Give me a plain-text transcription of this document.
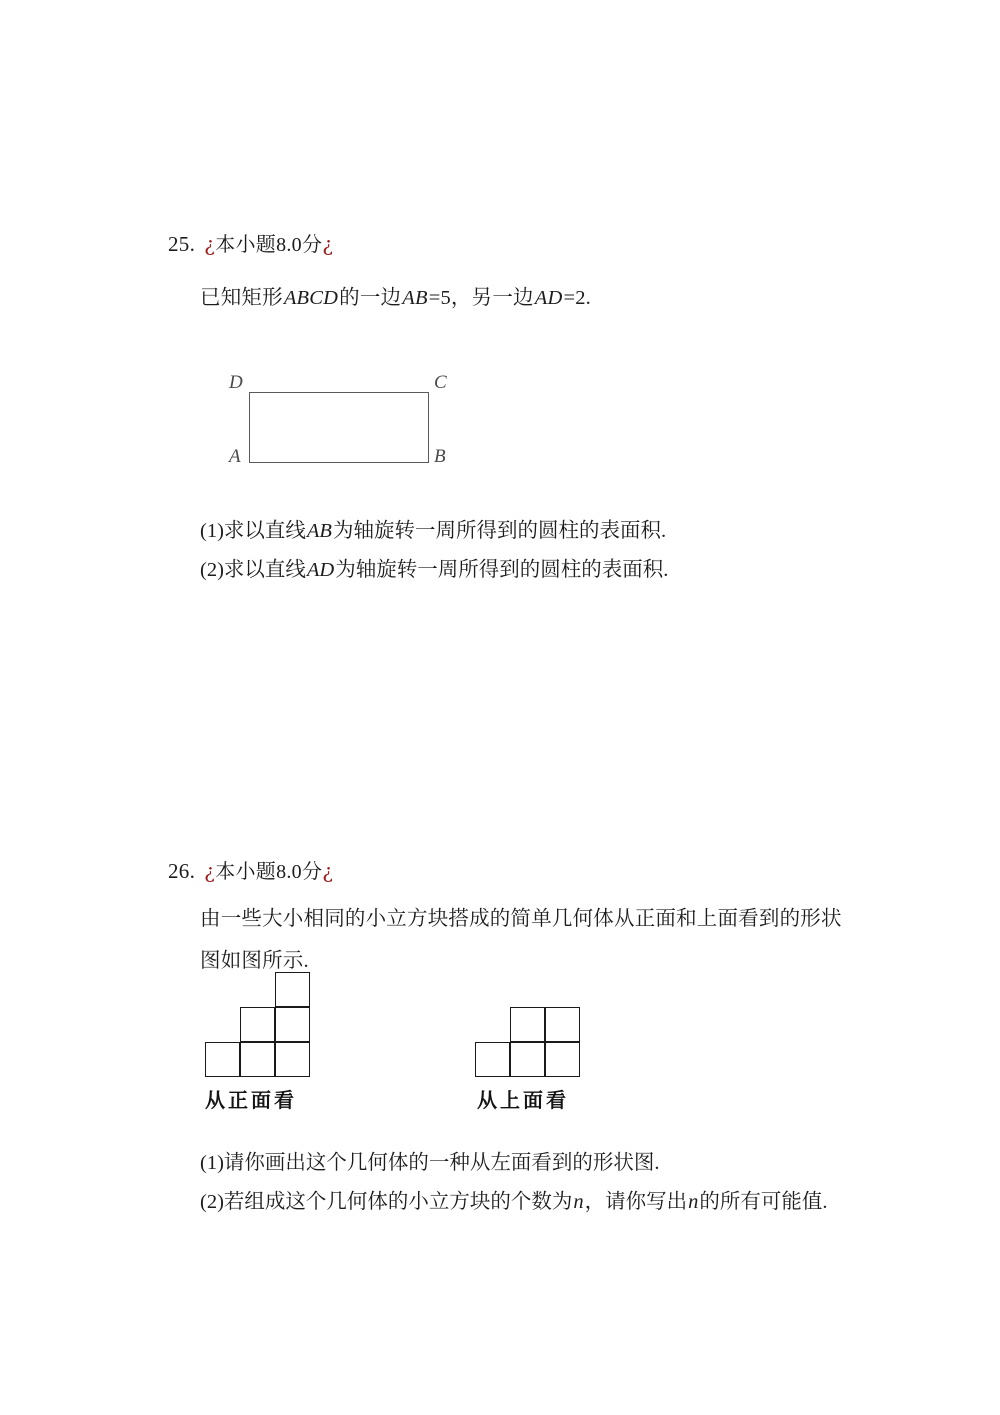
25. ¿本小题8.0分¿
已知矩形ABCD的一边AB=5，另一边AD=2.
D	C
A	B
(1)求以直线AB为轴旋转一周所得到的圆柱的表面积.
(2)求以直线AD为轴旋转一周所得到的圆柱的表面积.
26. ¿本小题8.0分¿
由一些大小相同的小立方块搭成的简单几何体从正面和上面看到的形状图如图所示.
从正面看	从上面看
(1)请你画出这个几何体的一种从左面看到的形状图.
(2)若组成这个几何体的小立方块的个数为n，请你写出n的所有可能值.
